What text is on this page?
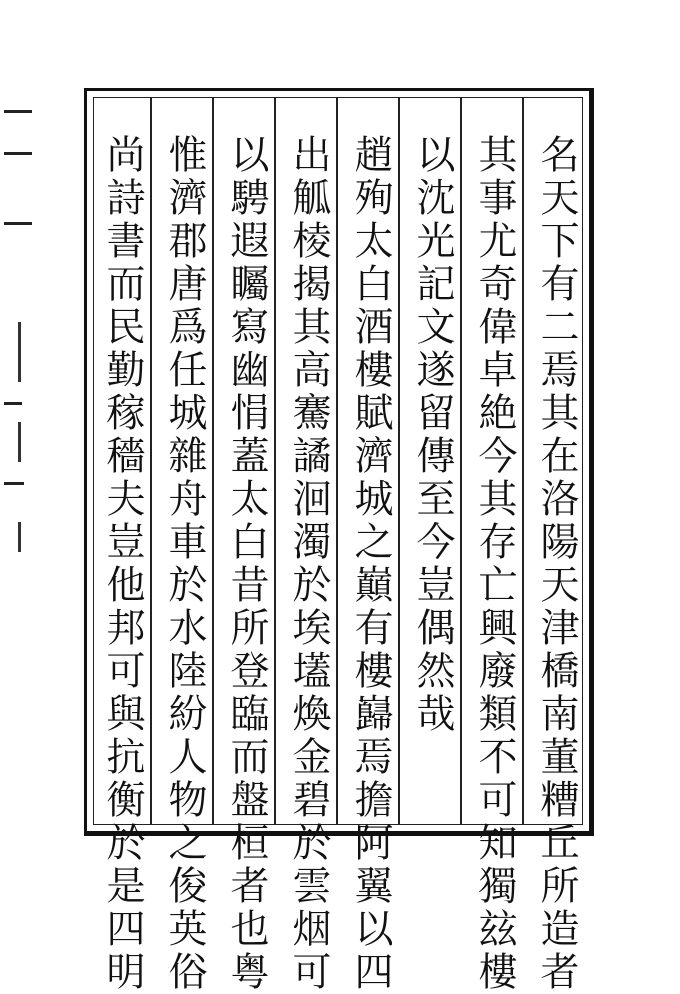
名天下有二焉其在洛陽天津橋南董糟丘所造者
其事尤奇偉卓絶今其存亡興廢類不可知獨玆樓
以沈光記文遂留傳至今豈偶然哉
趙殉太白酒樓賦濟城之巔有樓巋焉擔阿翼以四
出觚棱揭其高騫譎洄濁於埃壒煥金碧於雲烟可
以騁遐矚寫幽悁蓋太白昔所登臨而盤桓者也粤
惟濟郡唐爲任城雜舟車於水陸紛人物之俊英俗
尚詩書而民勤稼穡夫豈他邦可與抗衡於是四明
